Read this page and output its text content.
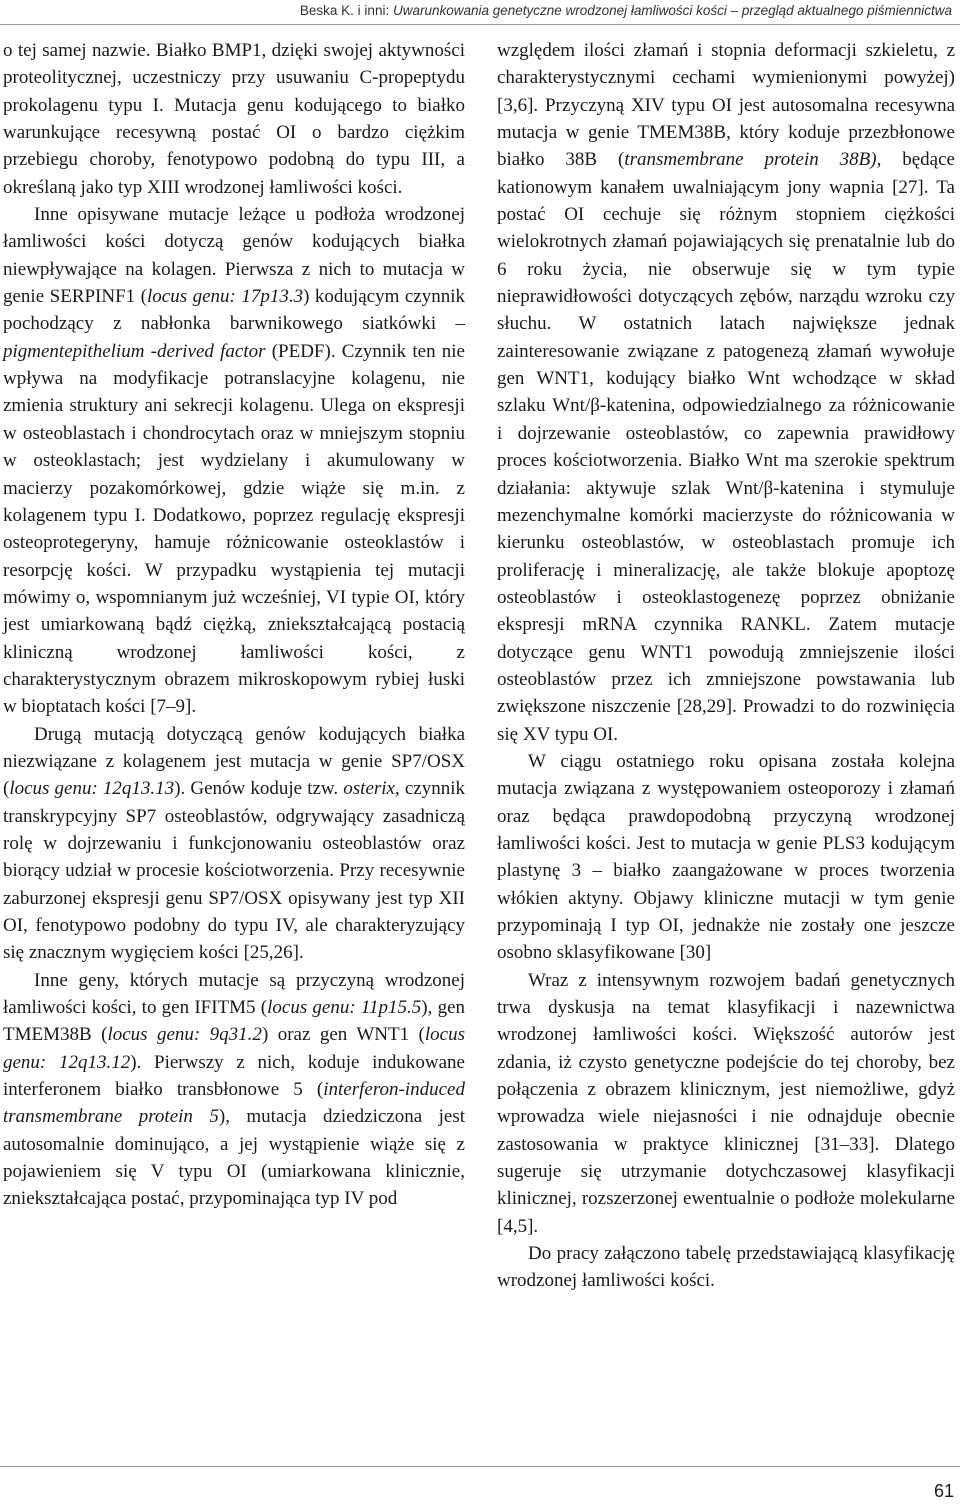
Beska K. i inni: Uwarunkowania genetyczne wrodzonej łamliwości kości – przegląd aktualnego piśmiennictwa

o tej samej nazwie. Białko BMP1, dzięki swojej aktywności proteolitycznej, uczestniczy przy usuwaniu C-propeptydu prokolagenu typu I. Mutacja genu kodującego to białko warunkujące recesywną postać OI o bardzo ciężkim przebiegu choroby, fenotypowo podobną do typu III, a określaną jako typ XIII wrodzonej łamliwości kości.

Inne opisywane mutacje leżące u podłoża wrodzonej łamliwości kości dotyczą genów kodujących białka niewpływające na kolagen. Pierwsza z nich to mutacja w genie SERPINF1 (locus genu: 17p13.3) kodującym czynnik pochodzący z nabłonka barwnikowego siatkówki – pigmentepithelium -derived factor (PEDF). Czynnik ten nie wpływa na modyfikacje potranslacyjne kolagenu, nie zmienia struktury ani sekrecji kolagenu. Ulega on ekspresji w osteoblastach i chondrocytach oraz w mniejszym stopniu w osteoklastach; jest wydzielany i akumulowany w macierzy pozakomórkowej, gdzie wiąże się m.in. z kolagenem typu I. Dodatkowo, poprzez regulację ekspresji osteoprotegeryny, hamuje różnicowanie osteoklastów i resorpcję kości. W przypadku wystąpienia tej mutacji mówimy o, wspomnianym już wcześniej, VI typie OI, który jest umiarkowaną bądź ciężką, zniekształcającą postacią kliniczną wrodzonej łamliwości kości, z charakterystycznym obrazem mikroskopowym rybiej łuski w bioptatach kości [7–9].

Drugą mutacją dotyczącą genów kodujących białka niezwiązane z kolagenem jest mutacja w genie SP7/OSX (locus genu: 12q13.13). Genów koduje tzw. osterix, czynnik transkrypcyjny SP7 osteoblastów, odgrywający zasadniczą rolę w dojrzewaniu i funkcjonowaniu osteoblastów oraz biorący udział w procesie kościotworzenia. Przy recesywnie zaburzonej ekspresji genu SP7/OSX opisywany jest typ XII OI, fenotypowo podobny do typu IV, ale charakteryzujący się znacznym wygięciem kości [25,26].

Inne geny, których mutacje są przyczyną wrodzonej łamliwości kości, to gen IFITM5 (locus genu: 11p15.5), gen TMEM38B (locus genu: 9q31.2) oraz gen WNT1 (locus genu: 12q13.12). Pierwszy z nich, koduje indukowane interferonem białko transbłonowe 5 (interferon-induced transmembrane protein 5), mutacja dziedziczona jest autosomalnie dominująco, a jej wystąpienie wiąże się z pojawieniem się V typu OI (umiarkowana klinicznie, zniekształcająca postać, przypominająca typ IV pod

względem ilości złamań i stopnia deformacji szkieletu, z charakterystycznymi cechami wymienionymi powyżej) [3,6]. Przyczyną XIV typu OI jest autosomalna recesywna mutacja w genie TMEM38B, który koduje przezbłonowe białko 38B (transmembrane protein 38B), będące kationowym kanałem uwalniającym jony wapnia [27]. Ta postać OI cechuje się różnym stopniem ciężkości wielokrotnych złamań pojawiających się prenatalnie lub do 6 roku życia, nie obserwuje się w tym typie nieprawidłowości dotyczących zębów, narządu wzroku czy słuchu. W ostatnich latach największe jednak zainteresowanie związane z patogenezą złamań wywołuje gen WNT1, kodujący białko Wnt wchodzące w skład szlaku Wnt/β-katenina, odpowiedzialnego za różnicowanie i dojrzewanie osteoblastów, co zapewnia prawidłowy proces kościotworzenia. Białko Wnt ma szerokie spektrum działania: aktywuje szlak Wnt/β-katenina i stymuluje mezenchymalne komórki macierzyste do różnicowania w kierunku osteoblastów, w osteoblastach promuje ich proliferację i mineralizację, ale także blokuje apoptozę osteoblastów i osteoklastogenezę poprzez obniżanie ekspresji mRNA czynnika RANKL. Zatem mutacje dotyczące genu WNT1 powodują zmniejszenie ilości osteoblastów przez ich zmniejszone powstawania lub zwiększone niszczenie [28,29]. Prowadzi to do rozwinięcia się XV typu OI.

W ciągu ostatniego roku opisana została kolejna mutacja związana z występowaniem osteoporozy i złamań oraz będąca prawdopodobną przyczyną wrodzonej łamliwości kości. Jest to mutacja w genie PLS3 kodującym plastynę 3 – białko zaangażowane w proces tworzenia włókien aktyny. Objawy kliniczne mutacji w tym genie przypominają I typ OI, jednakże nie zostały one jeszcze osobno sklasyfikowane [30]

Wraz z intensywnym rozwojem badań genetycznych trwa dyskusja na temat klasyfikacji i nazewnictwa wrodzonej łamliwości kości. Większość autorów jest zdania, iż czysto genetyczne podejście do tej choroby, bez połączenia z obrazem klinicznym, jest niemożliwe, gdyż wprowadza wiele niejasności i nie odnajduje obecnie zastosowania w praktyce klinicznej [31–33]. Dlatego sugeruje się utrzymanie dotychczasowej klasyfikacji klinicznej, rozszerzonej ewentualnie o podłoże molekularne [4,5].

Do pracy załączono tabelę przedstawiającą klasyfikację wrodzonej łamliwości kości.

61
